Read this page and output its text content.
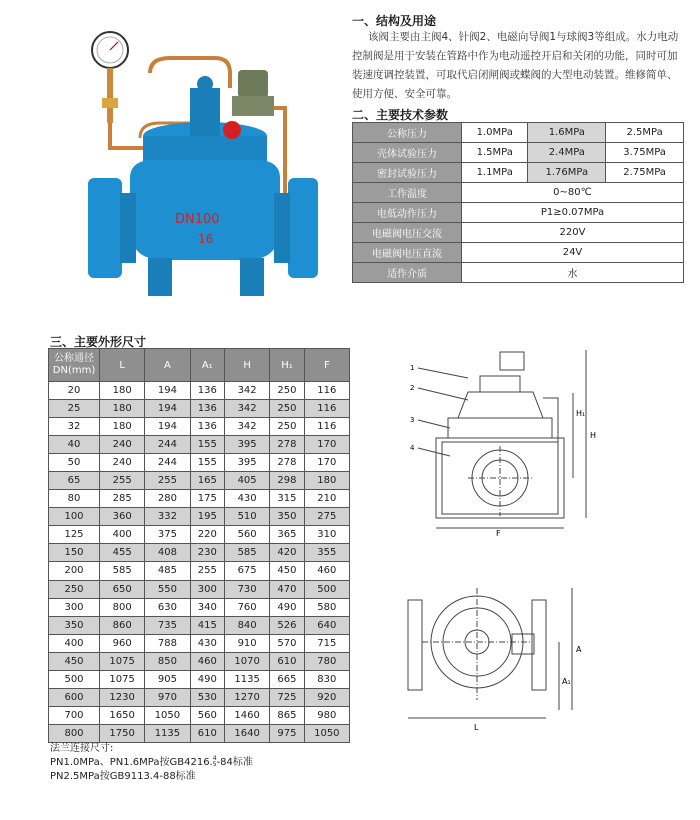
DN100
16
一、结构及用途
该阀主要由主阀4、针阀2、电磁向导阀1与球阀3等组成。水力电动控制阀是用于安装在管路中作为电动遥控开启和关闭的功能，同时可加装速度调控装置，可取代启闭闸阀或蝶阀的大型电动装置。维修简单、使用方便、安全可靠。
二、主要技术参数
公称压力	1.0MPa	1.6MPa	2.5MPa
壳体试验压力	1.5MPa	2.4MPa	3.75MPa
密封试验压力	1.1MPa	1.76MPa	2.75MPa
工作温度	0~80℃		
电低动作压力	P1≥0.07MPa		
电磁阀电压交流	220V		
电磁阀电压直流	24V		
适作介质	水		
三、主要外形尺寸
公称通径
DN(mm)	L	A	A₁	H	H₁	F
20	180	194	136	342	250	116
25	180	194	136	342	250	116
32	180	194	136	342	250	116
40	240	244	155	395	278	170
50	240	244	155	395	278	170
65	255	255	165	405	298	180
80	285	280	175	430	315	210
100	360	332	195	510	350	275
125	400	375	220	560	365	310
150	455	408	230	585	420	355
200	585	485	255	675	450	460
250	650	550	300	730	470	500
300	800	630	340	760	490	580
350	860	735	415	840	526	640
400	960	788	430	910	570	715
450	1075	850	460	1070	610	780
500	1075	905	490	1135	665	830
600	1230	970	530	1270	725	920
700	1650	1050	560	1460	865	980
800	1750	1135	610	1640	975	1050
法兰连接尺寸:
PN1.0MPa、PN1.6MPa按GB4216.4
5-84标准
PN2.5MPa按GB9113.4-88标准
1
2
3
4
H
H₁
F
L
A
A₁
